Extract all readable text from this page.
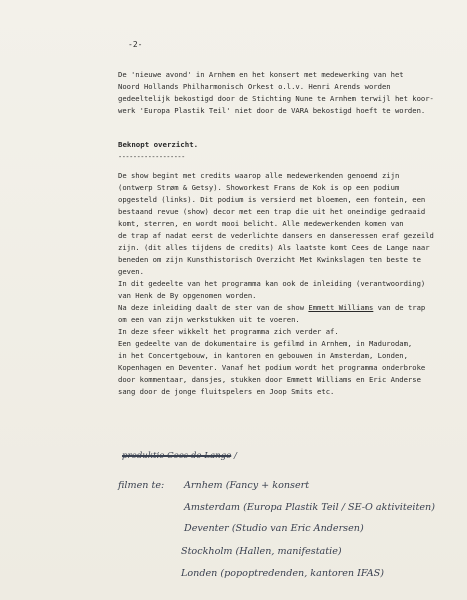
-2-
De 'nieuwe avond' in Arnhem en het konsert met medewerking van het
Noord Hollands Philharmonisch Orkest o.l.v. Henri Arends worden
gedeeltelijk bekostigd door de Stichting Nune te Arnhem terwijl het koor-
werk 'Europa Plastik Teil' niet door de VARA bekostigd hoeft te worden.
Beknopt overzicht.
------------------
De show begint met credits waarop alle medewerkenden genoemd zijn
(ontwerp Strøm & Getsy). Showorkest Frans de Kok is op een podium
opgesteld (links). Dit podium is versierd met bloemen, een fontein, een
bestaand revue (show) decor met een trap die uit het oneindige gedraaid
komt, sterren, en wordt mooi belicht. Alle medewerkenden komen van
de trap af nadat eerst de vederlichte dansers en danseressen eraf gezeild
zijn. (dit alles tijdens de credits) Als laatste komt Cees de Lange naar
beneden om zijn Kunsthistorisch Overzicht Met Kwinkslagen ten beste te
geven.
In dit gedeelte van het programma kan ook de inleiding (verantwoording)
van Henk de By opgenomen worden.
Na deze inleiding daalt de ster van de show Emmett Williams van de trap
om een van zijn werkstukken uit te voeren.
In deze sfeer wikkelt het programma zich verder af.
Een gedeelte van de dokumentaire is gefilmd in Arnhem, in Madurodam,
in het Concertgebouw, in kantoren en gebouwen in Amsterdam, Londen,
Kopenhagen en Deventer. Vanaf het podium wordt het programma onderbroke
door kommentaar, dansjes, stukken door Emmett Williams en Eric Anderse
sang door de jonge fluitspelers en Joop Smits etc.
produktie Cees de Lange /
filmen te: Arnhem (Fancy + konsert
Amsterdam (Europa Plastik Teil / SE-O aktiviteiten)
Deventer (Studio van Eric Andersen)
Stockholm (Hallen, manifestatie)
Londen (popoptredenden, kantoren IFAS)
